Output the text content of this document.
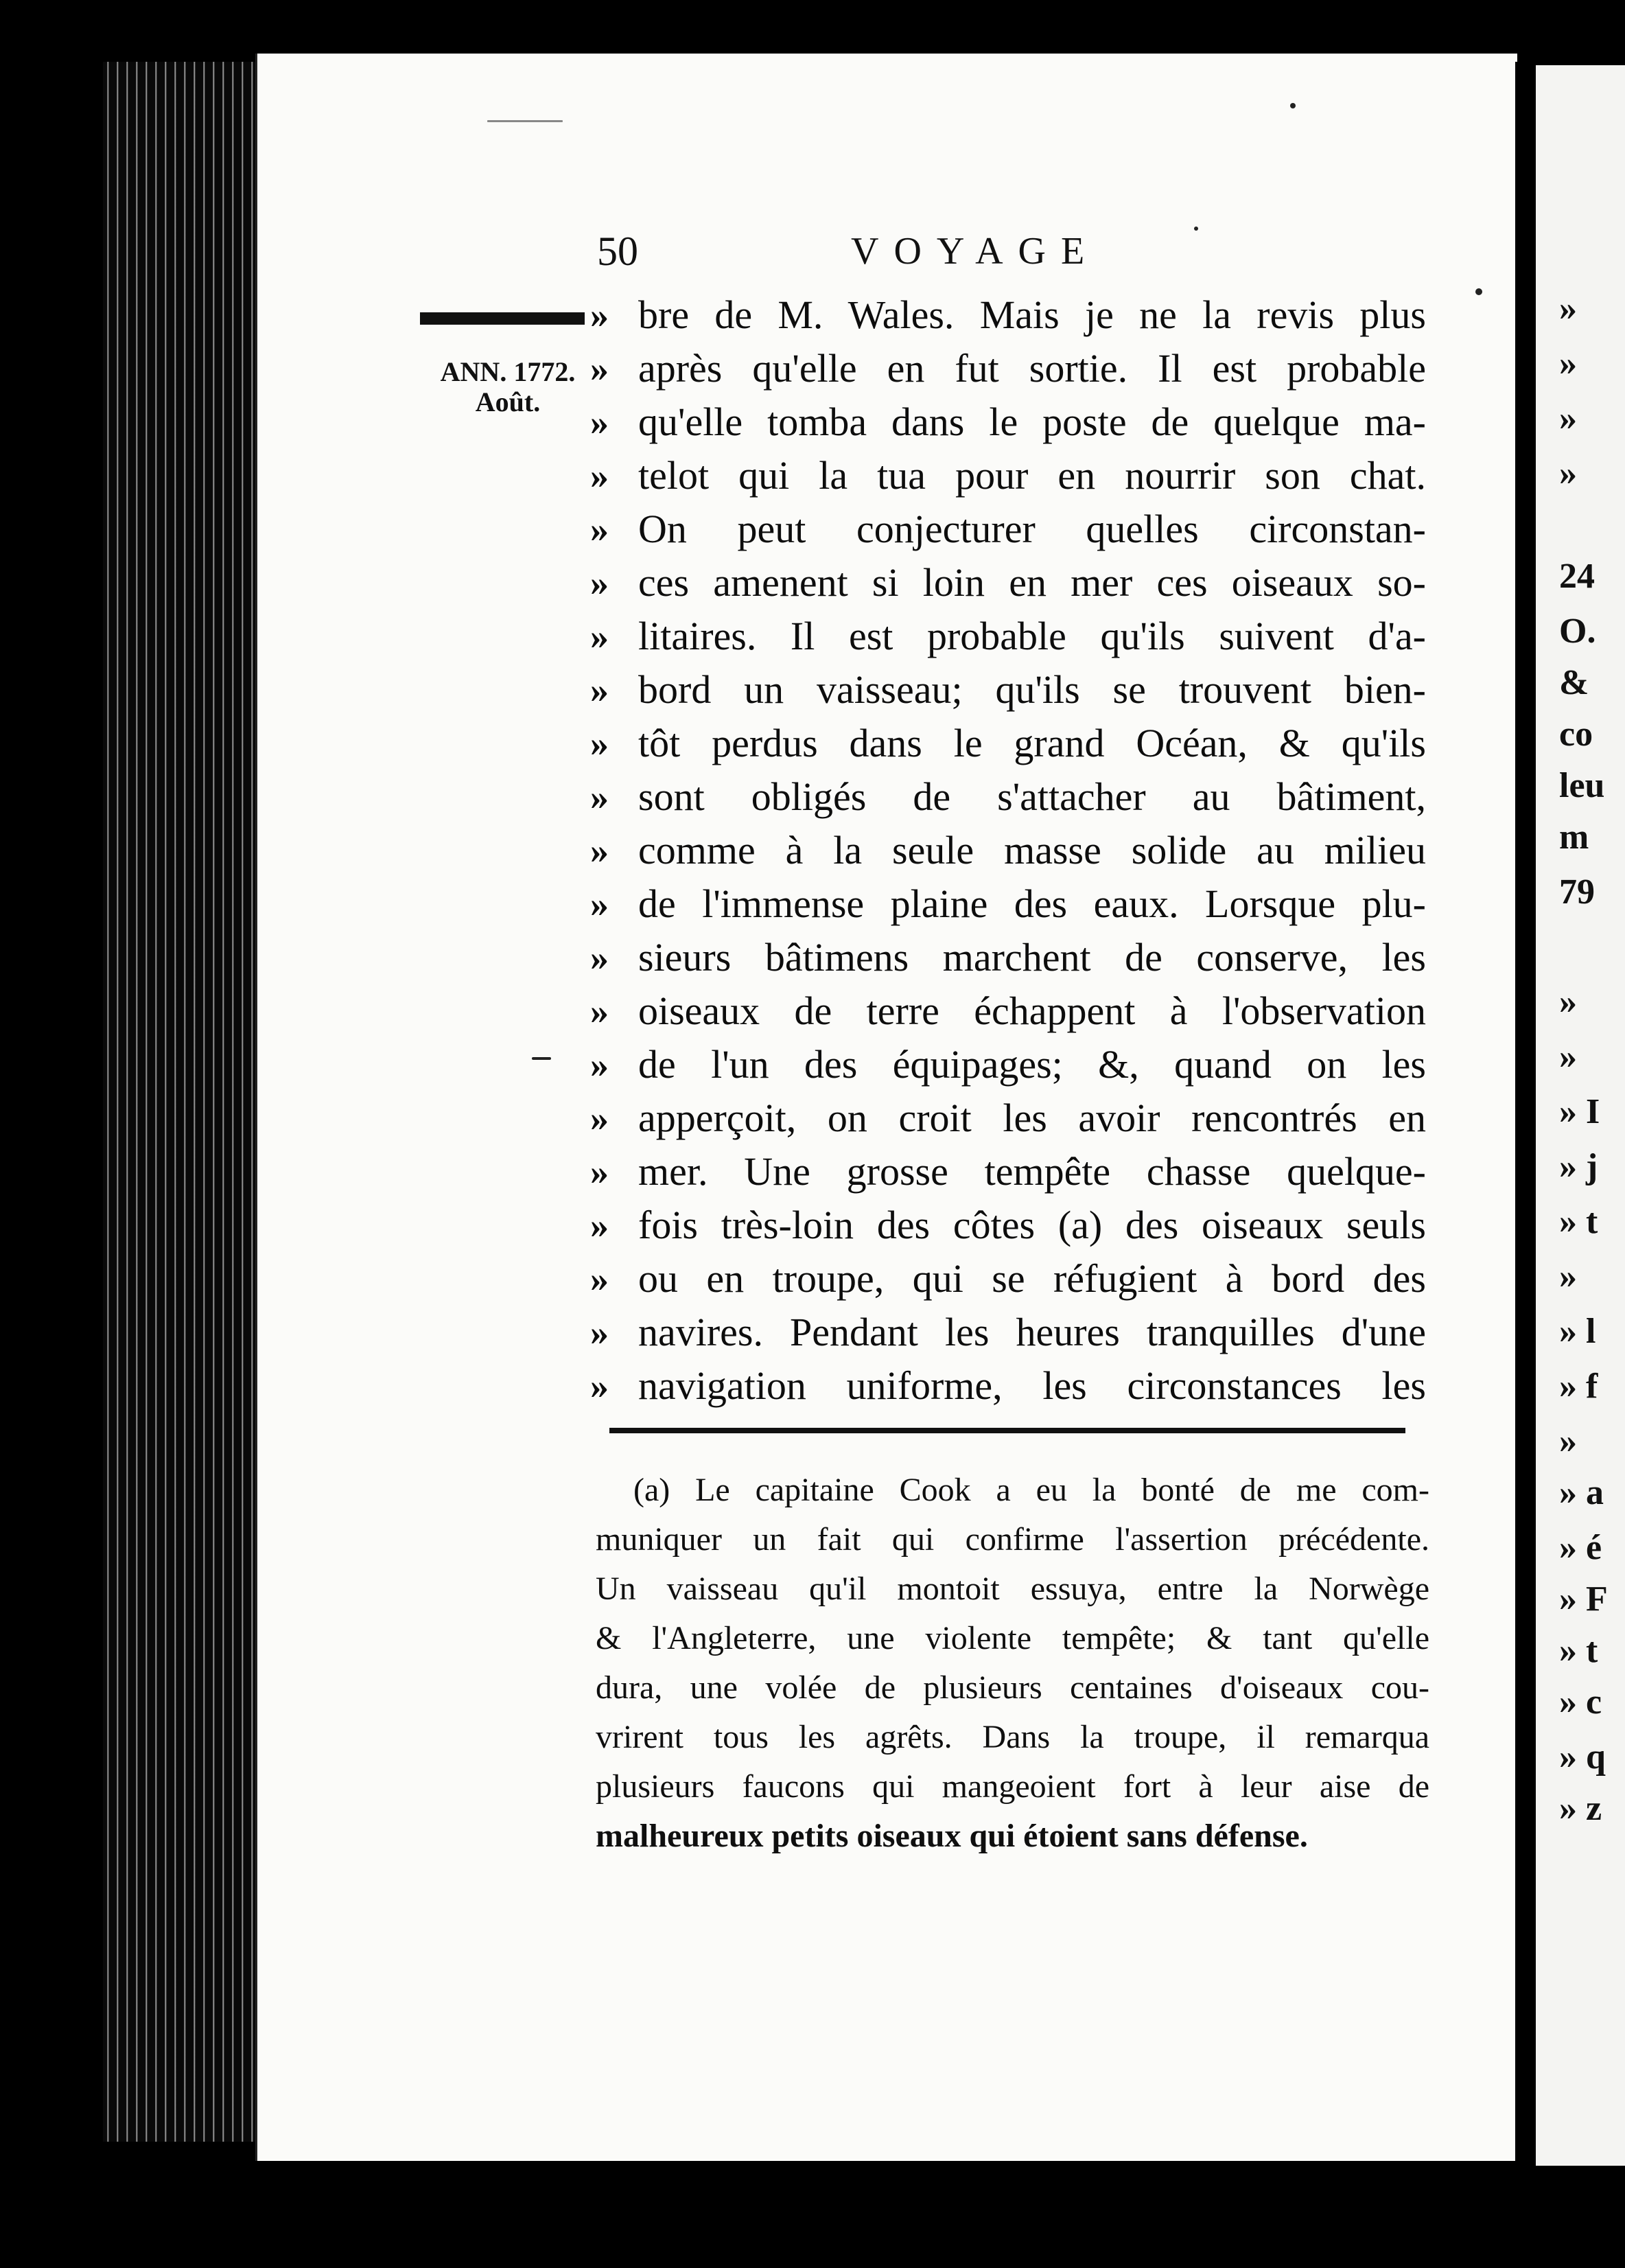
50	VOYAGE
ANN. 1772.
Août.
» bre de M. Wales. Mais je ne la revis plus
» après qu'elle en fut sortie. Il est probable
» qu'elle tomba dans le poste de quelque ma-
» telot qui la tua pour en nourrir son chat.
» On peut conjecturer quelles circonstan-
» ces amenent si loin en mer ces oiseaux so-
» litaires. Il est probable qu'ils suivent d'a-
» bord un vaisseau; qu'ils se trouvent bien-
» tôt perdus dans le grand Océan, & qu'ils
» sont obligés de s'attacher au bâtiment,
» comme à la seule masse solide au milieu
» de l'immense plaine des eaux. Lorsque plu-
» sieurs bâtimens marchent de conserve, les
» oiseaux de terre échappent à l'observation
» de l'un des équipages; &, quand on les
» apperçoit, on croit les avoir rencontrés en
» mer. Une grosse tempête chasse quelque-
» fois très-loin des côtes (a) des oiseaux seuls
» ou en troupe, qui se réfugient à bord des
» navires. Pendant les heures tranquilles d'une
» navigation uniforme, les circonstances les
(a) Le capitaine Cook a eu la bonté de me com-
muniquer un fait qui confirme l'assertion précédente.
Un vaisseau qu'il montoit essuya, entre la Norwège
& l'Angleterre, une violente tempête; & tant qu'elle
dura, une volée de plusieurs centaines d'oiseaux cou-
vrirent tous les agrêts. Dans la troupe, il remarqua
plusieurs faucons qui mangeoient fort à leur aise de
malheureux petits oiseaux qui étoient sans défense.
»
»
»
»
24
O.
&
co
leu
m
79
»
»
» I
» j
» t
»
» l
» f
»
» a
» é
» F
» t
» c
» q
» z
